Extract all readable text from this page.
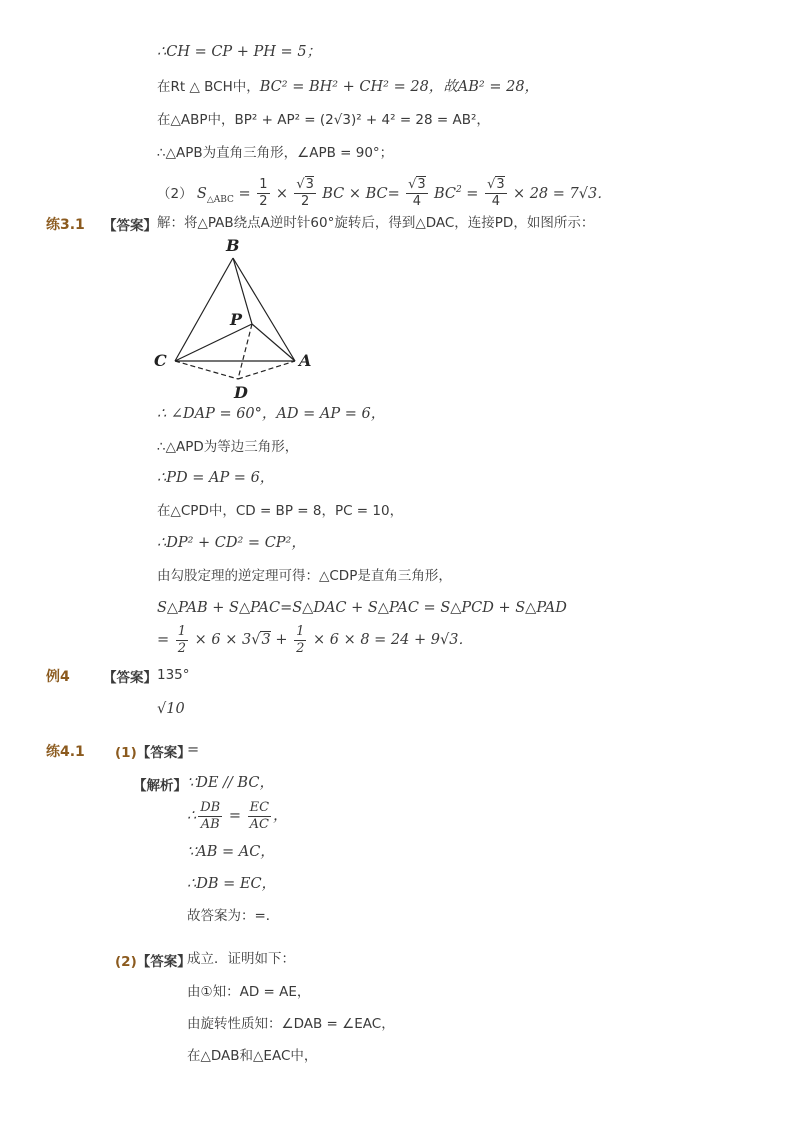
∴CH = CP + PH = 5；
在Rt △ BCH中，BC² = BH² + CH² = 28，故AB² = 28，
在△ABP中，BP² + AP² = (2√3)² + 4² = 28 = AB²，
∴△APB为直角三角形，∠APB = 90°；
（2） $S_{\triangle ABC} = \frac{1}{2} \times \frac{√3}{2}$ BC × $BC= \frac{√3}{4} BC^2 = \frac{√3}{4} \times 28 = 7√3$．
练3.1 【答案】 解：将△PAB绕点A逆时针60°旋转后，得到△DAC，连接PD，如图所示：
B
P
C	A
D
∴ ∠DAP = 60°，AD = AP = 6，
∴△APD为等边三角形，
∴PD = AP = 6，
在△CPD中，CD = BP = 8，PC = 10，
∴DP² + CD² = CP²，
由勾股定理的逆定理可得：△CDP是直角三角形，
S△PAB + S△PAC=S△DAC + S△PAC = S△PCD + S△PAD
= $\frac{1}{2} \times 6 \times 3√3 + \frac{1}{2} \times 6 \times 8 = 24 + 9√3$．
例4 【答案】 135°
√10
练4.1 (1)【答案】
=
【解析】 ∵DE // BC，
∴ $\frac{DB}{AB} = \frac{EC}{AC}$ ，
∵AB = AC，
∴DB = EC，
故答案为：=．
(2)【答案】
成立．证明如下：
由①知：AD = AE，
由旋转性质知：∠DAB = ∠EAC，
在△DAB和△EAC中，
